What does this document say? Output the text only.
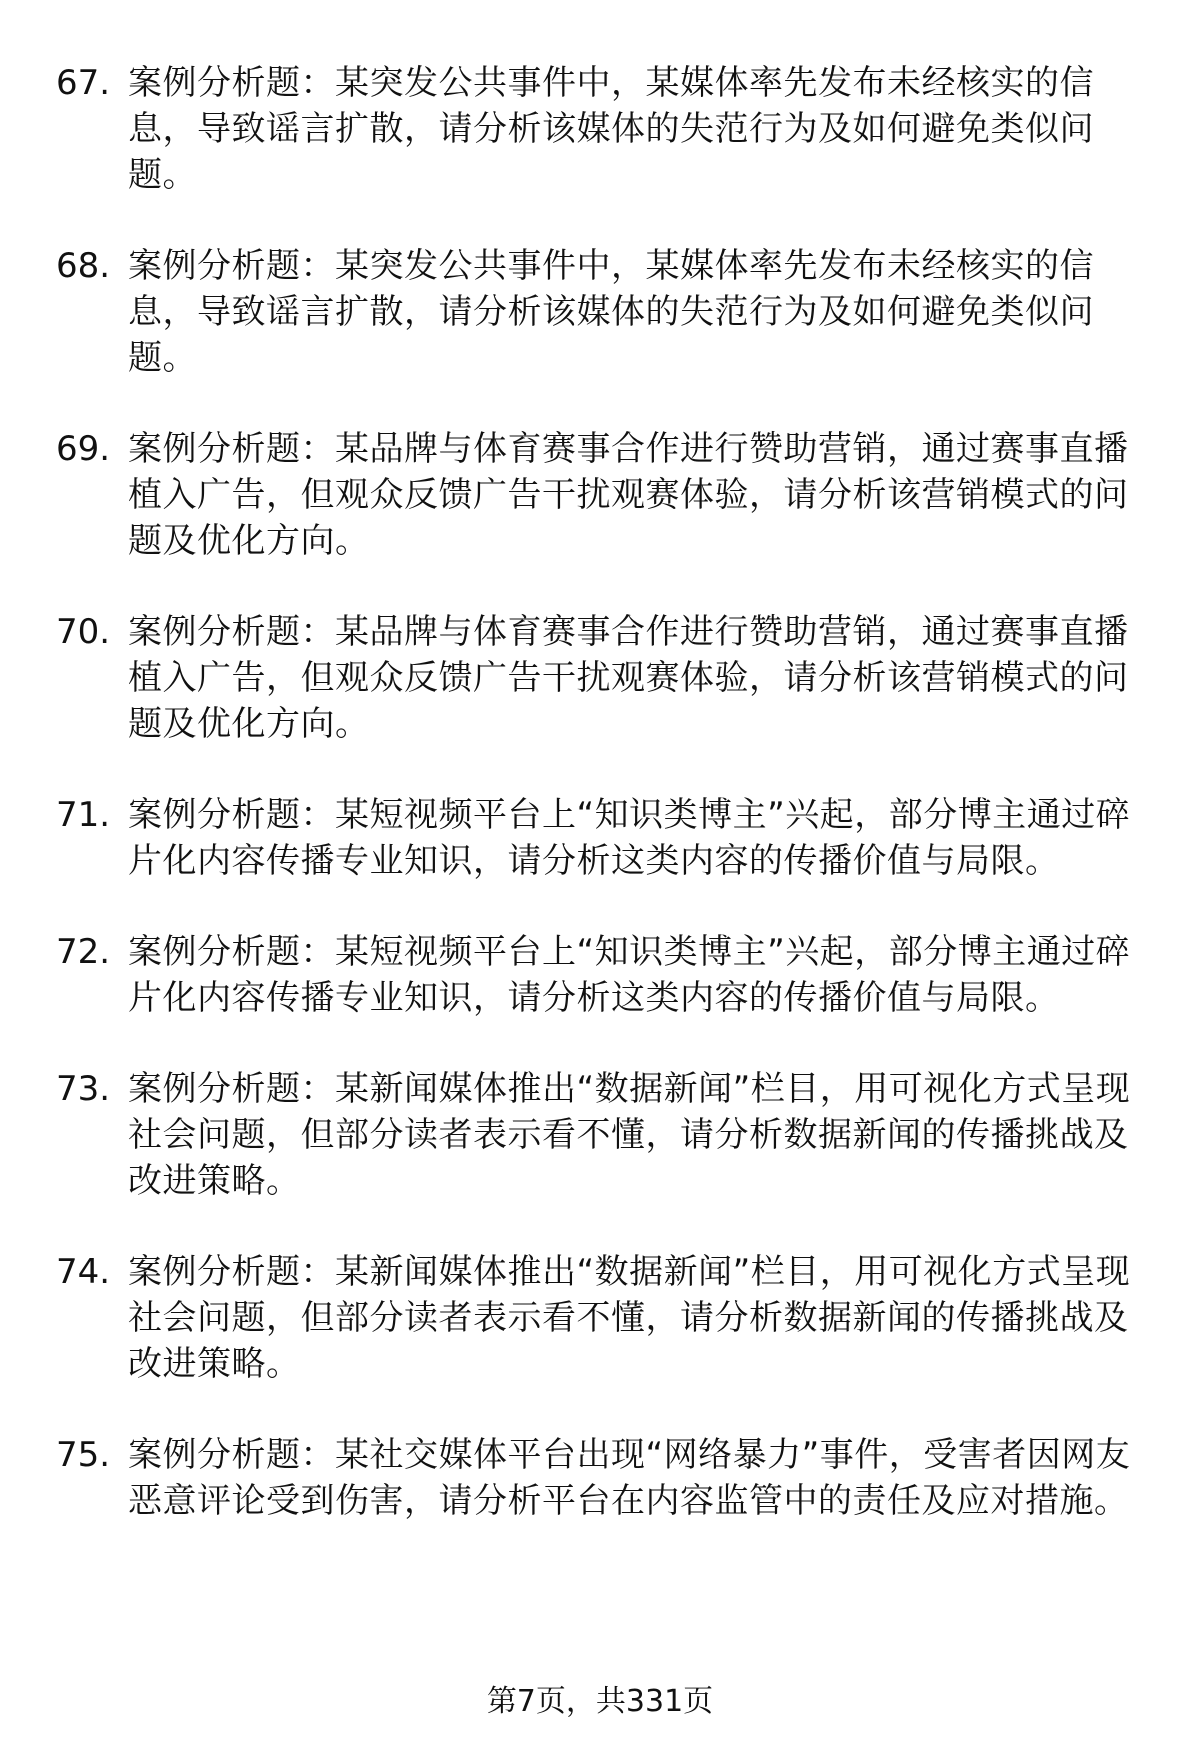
67. 案例分析题：某突发公共事件中，某媒体率先发布未经核实的信息，导致谣言扩散，请分析该媒体的失范行为及如何避免类似问题。
68. 案例分析题：某突发公共事件中，某媒体率先发布未经核实的信息，导致谣言扩散，请分析该媒体的失范行为及如何避免类似问题。
69. 案例分析题：某品牌与体育赛事合作进行赞助营销，通过赛事直播植入广告，但观众反馈广告干扰观赛体验，请分析该营销模式的问题及优化方向。
70. 案例分析题：某品牌与体育赛事合作进行赞助营销，通过赛事直播植入广告，但观众反馈广告干扰观赛体验，请分析该营销模式的问题及优化方向。
71. 案例分析题：某短视频平台上“知识类博主”兴起，部分博主通过碎片化内容传播专业知识，请分析这类内容的传播价值与局限。
72. 案例分析题：某短视频平台上“知识类博主”兴起，部分博主通过碎片化内容传播专业知识，请分析这类内容的传播价值与局限。
73. 案例分析题：某新闻媒体推出“数据新闻”栏目，用可视化方式呈现社会问题，但部分读者表示看不懂，请分析数据新闻的传播挑战及改进策略。
74. 案例分析题：某新闻媒体推出“数据新闻”栏目，用可视化方式呈现社会问题，但部分读者表示看不懂，请分析数据新闻的传播挑战及改进策略。
75. 案例分析题：某社交媒体平台出现“网络暴力”事件，受害者因网友恶意评论受到伤害，请分析平台在内容监管中的责任及应对措施。
第7页，共331页
